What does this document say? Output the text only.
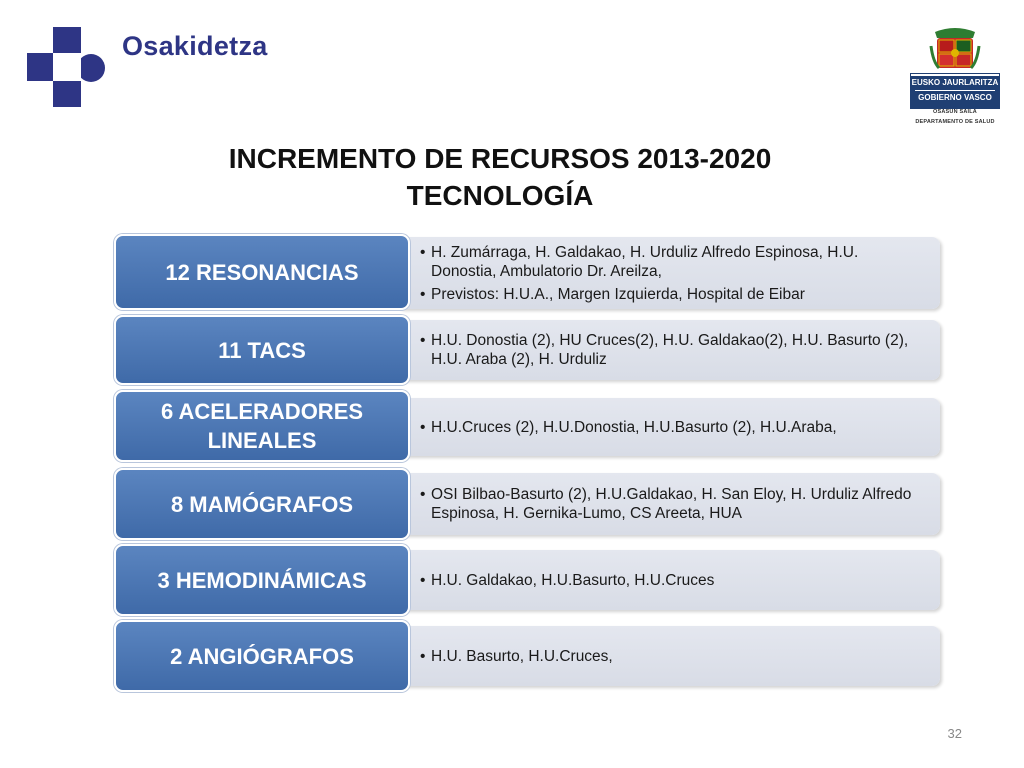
Osakidetza
EUSKO JAURLARITZA
GOBIERNO VASCO
OSASUN SAILA
DEPARTAMENTO DE SALUD
INCREMENTO DE RECURSOS 2013-2020
TECNOLOGÍA
• H. Zumárraga, H. Galdakao, H. Urduliz Alfredo Espinosa, H.U. Donostia, Ambulatorio Dr. Areilza,
• Previstos: H.U.A., Margen Izquierda, Hospital de Eibar
12 RESONANCIAS
• H.U. Donostia (2), HU Cruces(2), H.U. Galdakao(2), H.U. Basurto (2), H.U. Araba (2), H. Urduliz
11 TACS
• H.U.Cruces (2), H.U.Donostia, H.U.Basurto (2), H.U.Araba,
6 ACELERADORES LINEALES
• OSI Bilbao-Basurto (2), H.U.Galdakao, H. San Eloy, H. Urduliz Alfredo Espinosa, H. Gernika-Lumo, CS Areeta, HUA
8 MAMÓGRAFOS
• H.U. Galdakao, H.U.Basurto, H.U.Cruces
3 HEMODINÁMICAS
• H.U. Basurto, H.U.Cruces,
2 ANGIÓGRAFOS
32
